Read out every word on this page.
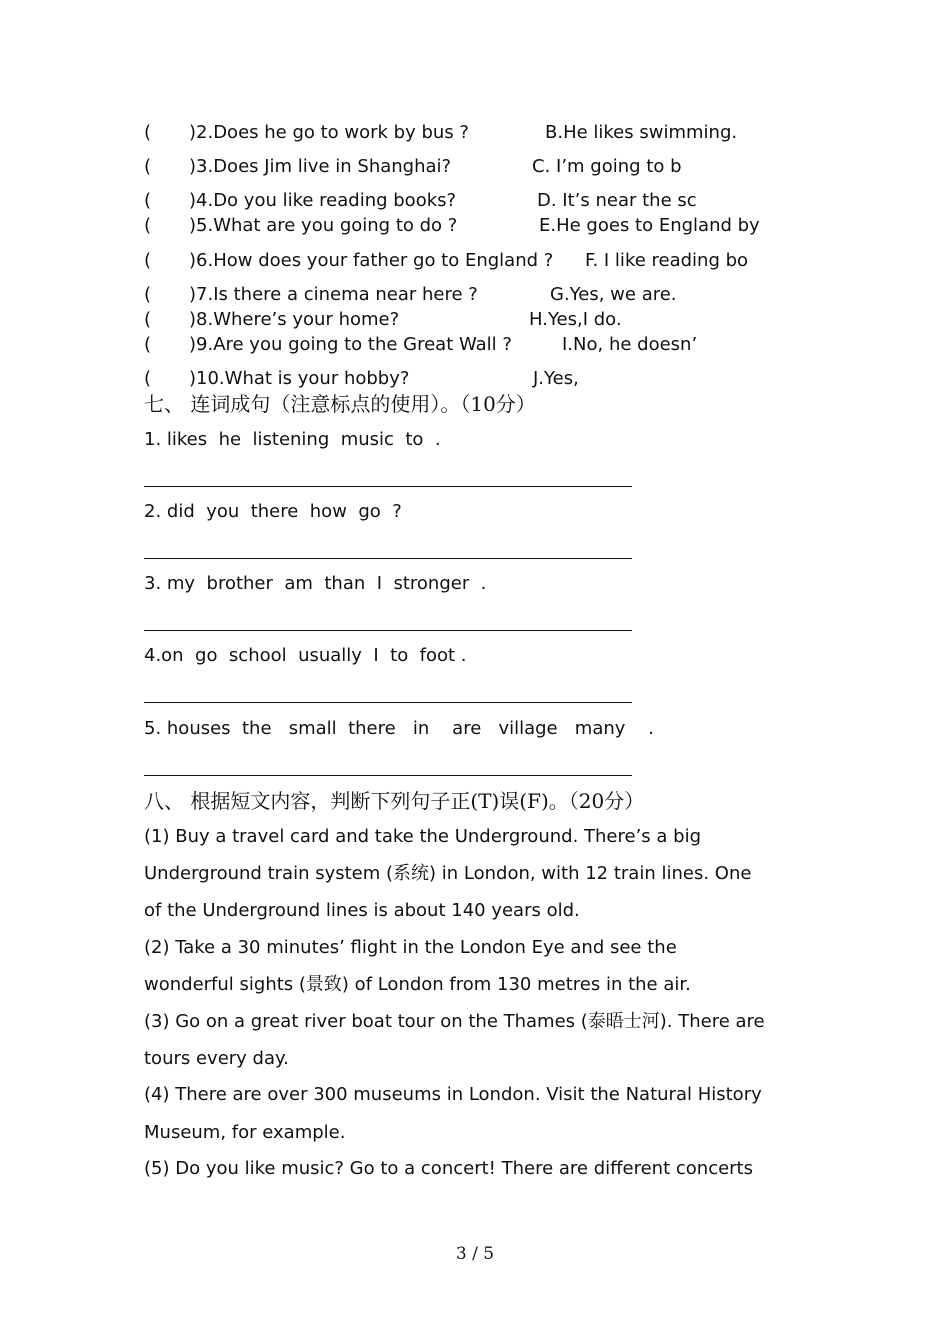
( )2.Does he go to work by bus ?	B.He likes swimming.
( )3.Does Jim live in Shanghai?	C. I’m going to b
( )4.Do you like reading books?	D. It’s near the sc
( )5.What are you going to do ?	E.He goes to England by
( )6.How does your father go to England ? F. I like reading bo
( )7.Is there a cinema near here ?	G.Yes, we are.
( )8.Where’s your home?	H.Yes,I do.
( )9.Are you going to the Great Wall ?	I.No, he doesn’
( )10.What is your hobby?	J.Yes,
七、 连词成句（注意标点的使用）。（10分）
1. likes  he  listening  music  to  .
2. did  you  there  how  go  ?
3. my  brother  am  than  I  stronger  .
4.on  go  school  usually  I  to  foot .
5. houses  the   small  there   in    are   village   many    .
八、 根据短文内容，判断下列句子正(T)误(F)。（20分）
(1) Buy a travel card and take the Underground. There’s a big
Underground train system (系统) in London, with 12 train lines. One
of the Underground lines is about 140 years old.
(2) Take a 30 minutes’ flight in the London Eye and see the
wonderful sights (景致) of London from 130 metres in the air.
(3) Go on a great river boat tour on the Thames (泰晤士河). There are
tours every day.
(4) There are over 300 museums in London. Visit the Natural History
Museum, for example.
(5) Do you like music? Go to a concert! There are different concerts
3 / 5
